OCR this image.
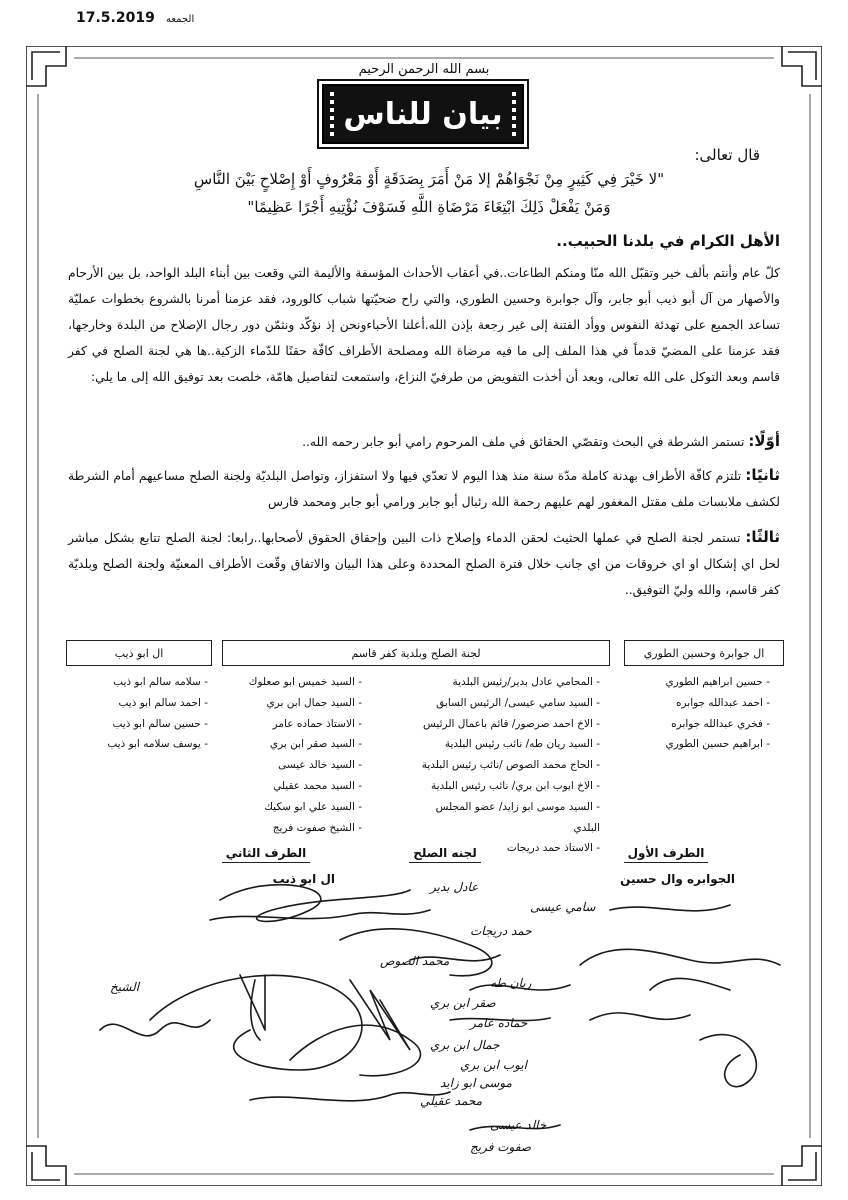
17.5.2019 الجمعه
بسم الله الرحمن الرحيم
بيان للناس
قال تعالى:
"لا خَيْرَ فِي كَثِيرٍ مِنْ نَجْوَاهُمْ إلا مَنْ أَمَرَ بِصَدَقَةٍ أَوْ مَعْرُوفٍ أَوْ إِصْلاحٍ بَيْنَ النَّاسِ
وَمَنْ يَفْعَلْ ذَلِكَ ابْتِغَاءَ مَرْضَاةِ اللَّهِ فَسَوْفَ نُؤْتِيهِ أَجْرًا عَظِيمًا"
الأهل الكرام في بلدنا الحبيب..
كلّ عام وأنتم بألف خير وتقبّل الله منّا ومنكم الطاعات..في أعقاب الأحداث المؤسفة والأليمة التي وقعت بين أبناء البلد الواحد، بل بين الأرحام والأصهار من آل أبو ذيب أبو جابر، وآل جوابرة وحسين الطوري، والتي راح ضحيّتها شباب كالورود، فقد عزمنا أمرنا بالشروع بخطوات عمليّة تساعد الجميع على تهدئة النفوس ووأد الفتنة إلى غير رجعة بإذن الله.أعلنا الأحباءونحن إذ نؤكّد ونثمّن دور رجال الإصلاح من البلدة وخارجها، فقد عزمنا على المضيّ قدماً في هذا الملف إلى ما فيه مرضاة الله ومصلحة الأطراف كافّة حقنًا للدّماء الزكية..ها هي لجنة الصلح في كفر قاسم وبعد التوكل على الله تعالى، وبعد أن أخذت التفويض من طرفيّ النزاع، واستمعت لتفاصيل هامّة، خلصت بعد توفيق الله إلى ما يلي:
أوّلًا: تستمر الشرطة في البحث وتقصّي الحقائق في ملف المرحوم رامي أبو جابر رحمه الله..
ثانيًا: تلتزم كافّة الأطراف بهدنة كاملة مدّة سنة منذ هذا اليوم لا تعدّي فيها ولا استفزاز، وتواصل البلديّة ولجنة الصلح مساعيهم أمام الشرطة لكشف ملابسات ملف مقتل المغفور لهم عليهم رحمة الله رئبال أبو جابر ورامي أبو جابر ومحمد فارس
ثالثًا: تستمر لجنة الصلح في عملها الحثيث لحقن الدماء وإصلاح ذات البين وإحقاق الحقوق لأصحابها..رابعا: لجنة الصلح تتابع بشكل مباشر لحل اي إشكال او اي خروقات من اي جانب خلال فترة الصلح المحددة وعلى هذا البيان والاتفاق وقّعت الأطراف المعنيّة ولجنة الصلح وبلديّة كفر قاسم، والله وليّ التوفيق..
ال جوابرة وحسين الطوري
لجنة الصلح وبلدية كفر قاسم
ال ابو ذيب
- حسين ابراهيم الطوري
- احمد عبدالله جوابره
- فخري عبدالله جوابره
- ابراهيم حسين الطوري
- المحامي عادل بدير/رئيس البلدية
- السيد سامي عيسى/ الرئيس السابق
- الاخ احمد صرصور/ قائم باعمال الرئيس
- السيد ريان طه/ نائب رئيس البلدية
- الحاج محمد الصوص /نائب رئيس البلدية
- الاخ ايوب ابن بري/ نائب رئيس البلدية
- السيد موسى ابو زايد/ عضو المجلس البلدي
- الاستاذ حمد دريجات
- السيد خميس ابو صعلوك
- السيد جمال ابن بري
- الاستاذ حماده عامر
- السيد صقر ابن بري
- السيد خالد عيسى
- السيد محمد عقيلي
- السيد علي ابو سكيك
- الشيخ صفوت فريج
- سلامه سالم ابو ذيب
- احمد سالم ابو ذيب
- حسين سالم ابو ذيب
- يوسف سلامه ابو ذيب
الطرف الأول
لجنه الصلح
الطرف الثاني
الجوابره وال حسين
ال ابو ذيب
عادل بدير
سامي عيسى
حمد دريجات
محمد الصوص
ريان طه
صقر ابن بري
حماده عامر
جمال ابن بري
ايوب ابن بري
موسى ابو زايد
محمد عقيلي
خالد عيسى
صفوت فريج
الشيخ
